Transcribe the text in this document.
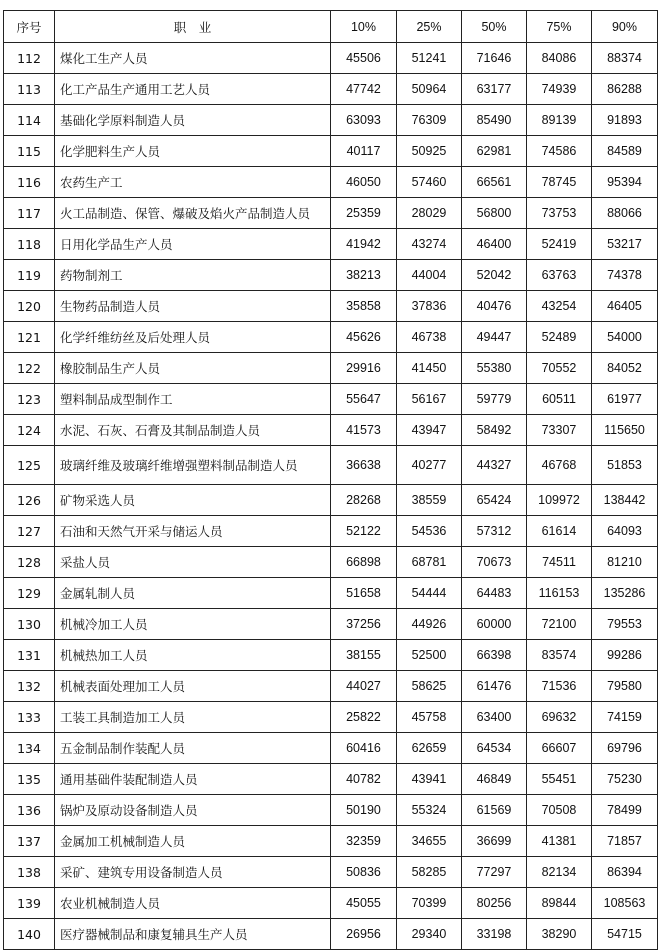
序号	职　业	10%	25%	50%	75%	90%
112	煤化工生产人员	45506	51241	71646	84086	88374
113	化工产品生产通用工艺人员	47742	50964	63177	74939	86288
114	基础化学原料制造人员	63093	76309	85490	89139	91893
115	化学肥料生产人员	40117	50925	62981	74586	84589
116	农药生产工	46050	57460	66561	78745	95394
117	火工品制造、保管、爆破及焰火产品制造人员	25359	28029	56800	73753	88066
118	日用化学品生产人员	41942	43274	46400	52419	53217
119	药物制剂工	38213	44004	52042	63763	74378
120	生物药品制造人员	35858	37836	40476	43254	46405
121	化学纤维纺丝及后处理人员	45626	46738	49447	52489	54000
122	橡胶制品生产人员	29916	41450	55380	70552	84052
123	塑料制品成型制作工	55647	56167	59779	60511	61977
124	水泥、石灰、石膏及其制品制造人员	41573	43947	58492	73307	115650
125	玻璃纤维及玻璃纤维增强塑料制品制造人员	36638	40277	44327	46768	51853
126	矿物采选人员	28268	38559	65424	109972	138442
127	石油和天然气开采与储运人员	52122	54536	57312	61614	64093
128	采盐人员	66898	68781	70673	74511	81210
129	金属轧制人员	51658	54444	64483	116153	135286
130	机械冷加工人员	37256	44926	60000	72100	79553
131	机械热加工人员	38155	52500	66398	83574	99286
132	机械表面处理加工人员	44027	58625	61476	71536	79580
133	工装工具制造加工人员	25822	45758	63400	69632	74159
134	五金制品制作装配人员	60416	62659	64534	66607	69796
135	通用基础件装配制造人员	40782	43941	46849	55451	75230
136	锅炉及原动设备制造人员	50190	55324	61569	70508	78499
137	金属加工机械制造人员	32359	34655	36699	41381	71857
138	采矿、建筑专用设备制造人员	50836	58285	77297	82134	86394
139	农业机械制造人员	45055	70399	80256	89844	108563
140	医疗器械制品和康复辅具生产人员	26956	29340	33198	38290	54715
